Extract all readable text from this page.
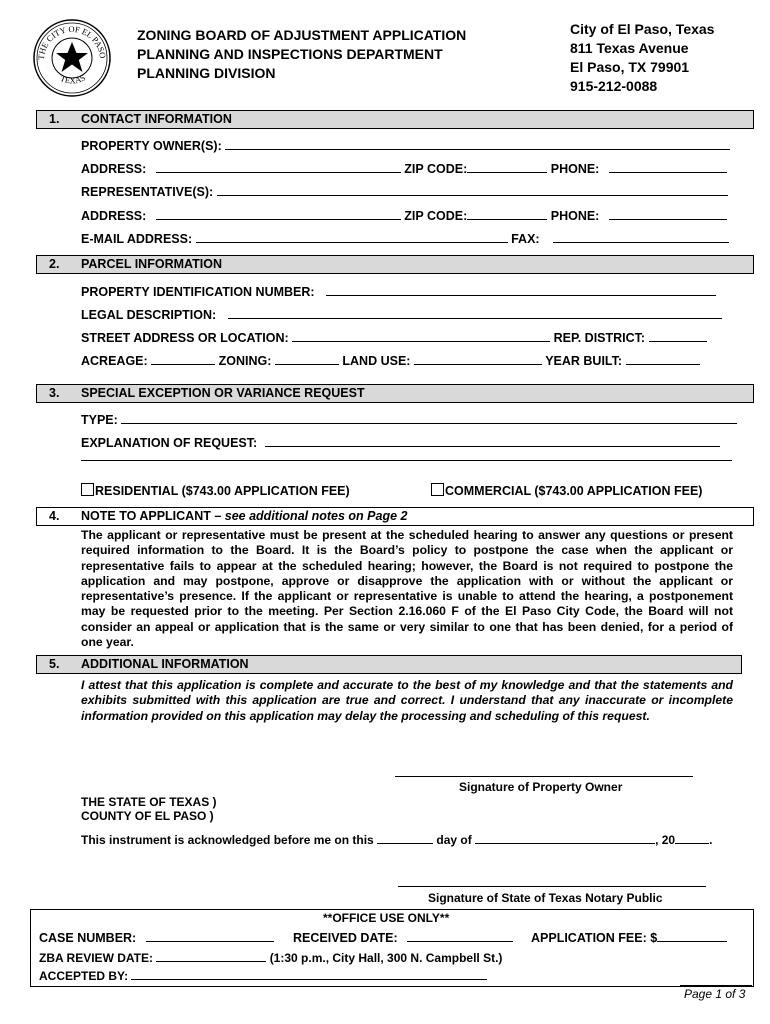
THE CITY OF EL PASO
TEXAS
ZONING BOARD OF ADJUSTMENT APPLICATION
PLANNING AND INSPECTIONS DEPARTMENT
PLANNING DIVISION
City of El Paso, Texas
811 Texas Avenue
El Paso, TX 79901
915-212-0088
1. CONTACT INFORMATION
PROPERTY OWNER(S):
ADDRESS:	ZIP CODE:	PHONE:
REPRESENTATIVE(S):
ADDRESS:	ZIP CODE:	PHONE:
E-MAIL ADDRESS:	FAX:
2. PARCEL INFORMATION
PROPERTY IDENTIFICATION NUMBER:
LEGAL DESCRIPTION:
STREET ADDRESS OR LOCATION:	REP. DISTRICT:
ACREAGE:	ZONING:	LAND USE:	YEAR BUILT:
3. SPECIAL EXCEPTION OR VARIANCE REQUEST
TYPE:
EXPLANATION OF REQUEST:
RESIDENTIAL ($743.00 APPLICATION FEE)	COMMERCIAL ($743.00 APPLICATION FEE)
4. NOTE TO APPLICANT – see additional notes on Page 2
The applicant or representative must be present at the scheduled hearing to answer any questions or present required information to the Board. It is the Board’s policy to postpone the case when the applicant or representative fails to appear at the scheduled hearing; however, the Board is not required to postpone the application and may postpone, approve or disapprove the application with or without the applicant or representative’s presence. If the applicant or representative is unable to attend the hearing, a postponement may be requested prior to the meeting. Per Section 2.16.060 F of the El Paso City Code, the Board will not consider an appeal or application that is the same or very similar to one that has been denied, for a period of one year.
5. ADDITIONAL INFORMATION
I attest that this application is complete and accurate to the best of my knowledge and that the statements and exhibits submitted with this application are true and correct. I understand that any inaccurate or incomplete information provided on this application may delay the processing and scheduling of this request.
Signature of Property Owner
THE STATE OF TEXAS )
COUNTY OF EL PASO )
This instrument is acknowledged before me on this	day of	, 20	.
Signature of State of Texas Notary Public
**OFFICE USE ONLY**
CASE NUMBER:	RECEIVED DATE:	APPLICATION FEE: $
ZBA REVIEW DATE:	(1:30 p.m., City Hall, 300 N. Campbell St.)
ACCEPTED BY:
Page 1 of 3
